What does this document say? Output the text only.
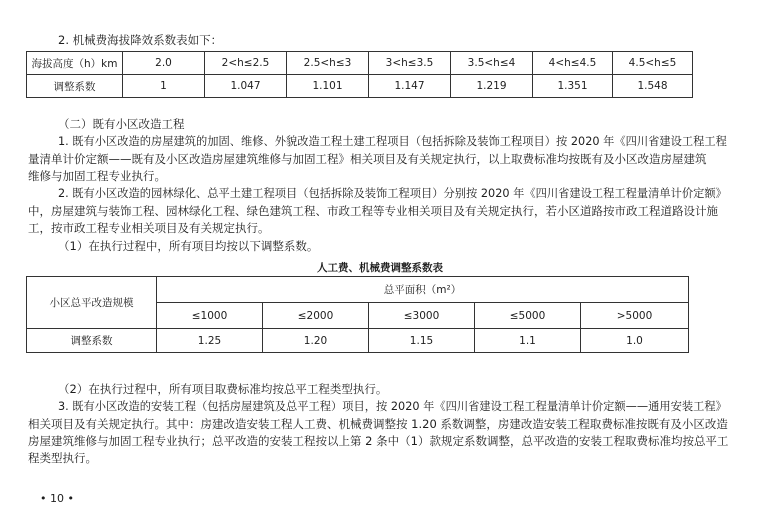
2. 机械费海拔降效系数表如下：
海拔高度（h）km	2.0	2<h≤2.5	2.5<h≤3	3<h≤3.5	3.5<h≤4	4<h≤4.5	4.5<h≤5
调整系数	1	1.047	1.101	1.147	1.219	1.351	1.548
（二）既有小区改造工程
1. 既有小区改造的房屋建筑的加固、维修、外貌改造工程土建工程项目（包括拆除及装饰工程项目）按 2020 年《四川省建设工程工程
量清单计价定额——既有及小区改造房屋建筑维修与加固工程》相关项目及有关规定执行，以上取费标准均按既有及小区改造房屋建筑
维修与加固工程专业执行。
2. 既有小区改造的园林绿化、总平土建工程项目（包括拆除及装饰工程项目）分别按 2020 年《四川省建设工程工程量清单计价定额》
中，房屋建筑与装饰工程、园林绿化工程、绿色建筑工程、市政工程等专业相关项目及有关规定执行，若小区道路按市政工程道路设计施
工，按市政工程专业相关项目及有关规定执行。
（1）在执行过程中，所有项目均按以下调整系数。
人工费、机械费调整系数表
小区总平改造规模	总平面积（m²）				
	≤1000	≤2000	≤3000	≤5000	>5000
调整系数	1.25	1.20	1.15	1.1	1.0
（2）在执行过程中，所有项目取费标准均按总平工程类型执行。
3. 既有小区改造的安装工程（包括房屋建筑及总平工程）项目，按 2020 年《四川省建设工程工程量清单计价定额——通用安装工程》
相关项目及有关规定执行。其中：房建改造安装工程人工费、机械费调整按 1.20 系数调整，房建改造安装工程取费标准按既有及小区改造
房屋建筑维修与加固工程专业执行；总平改造的安装工程按以上第 2 条中（1）款规定系数调整，总平改造的安装工程取费标准均按总平工
程类型执行。
• 10 •
